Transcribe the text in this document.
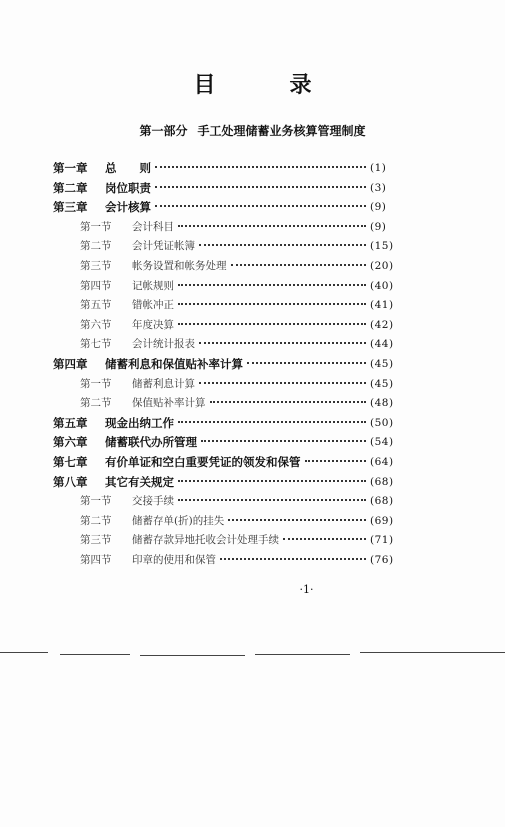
目　录
第一部分 手工处理储蓄业务核算管理制度
第一章 总　　则	(1)
第二章 岗位职责	(3)
第三章 会计核算	(9)
第一节 会计科目	(9)
第二节 会计凭证帐簿	(15)
第三节 帐务设置和帐务处理	(20)
第四节 记帐规则	(40)
第五节 错帐冲正	(41)
第六节 年度决算	(42)
第七节 会计统计报表	(44)
第四章 储蓄利息和保值贴补率计算	(45)
第一节 储蓄利息计算	(45)
第二节 保值贴补率计算	(48)
第五章 现金出纳工作	(50)
第六章 储蓄联代办所管理	(54)
第七章 有价单证和空白重要凭证的领发和保管	(64)
第八章 其它有关规定	(68)
第一节 交接手续	(68)
第二节 储蓄存单(折)的挂失	(69)
第三节 储蓄存款异地托收会计处理手续	(71)
第四节 印章的使用和保管	(76)
·1·
